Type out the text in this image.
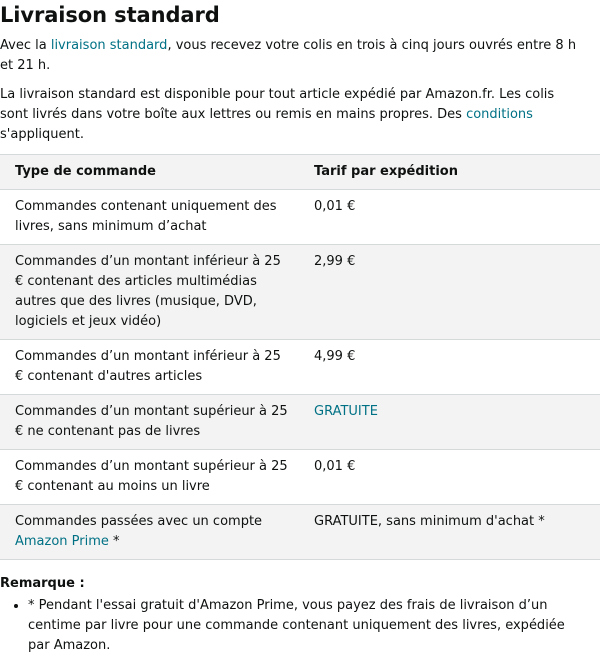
Livraison standard

Avec la livraison standard, vous recevez votre colis en trois à cinq jours ouvrés entre 8 h et 21 h.

La livraison standard est disponible pour tout article expédié par Amazon.fr. Les colis sont livrés dans votre boîte aux lettres ou remis en mains propres. Des conditions s'appliquent.

Type de commande	Tarif par expédition
Commandes contenant uniquement des livres, sans minimum d’achat	0,01 €
Commandes d’un montant inférieur à 25 € contenant des articles multimédias autres que des livres (musique, DVD, logiciels et jeux vidéo)	2,99 €
Commandes d’un montant inférieur à 25 € contenant d'autres articles	4,99 €
Commandes d’un montant supérieur à 25 € ne contenant pas de livres	GRATUITE
Commandes d’un montant supérieur à 25 € contenant au moins un livre	0,01 €
Commandes passées avec un compte Amazon Prime *	GRATUITE, sans minimum d'achat *

Remarque :

• * Pendant l'essai gratuit d'Amazon Prime, vous payez des frais de livraison d’un centime par livre pour une commande contenant uniquement des livres, expédiée par Amazon.
